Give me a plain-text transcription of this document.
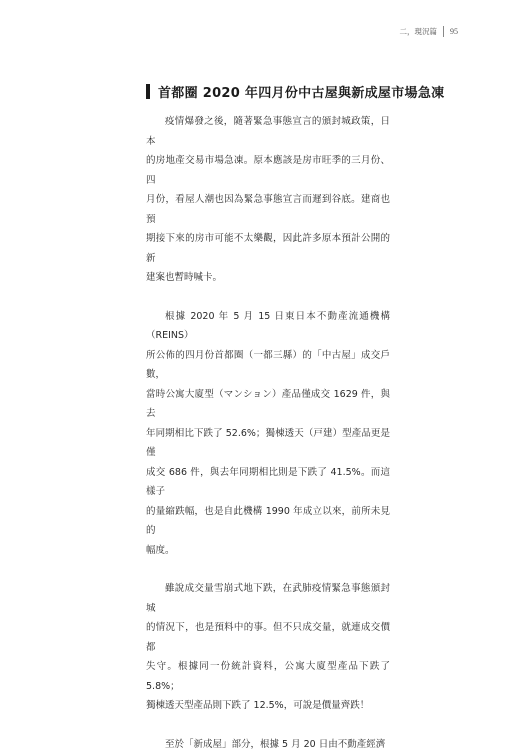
二，現況篇 95
首都圈 2020 年四月份中古屋與新成屋市場急凍
疫情爆發之後，隨著緊急事態宣言的頒封城政策，日本
的房地產交易市場急凍。原本應該是房市旺季的三月份、四
月份，看屋人潮也因為緊急事態宣言而遲到谷底。建商也預
期接下來的房市可能不太樂觀，因此許多原本預計公開的新
建案也暫時喊卡。
根據 2020 年 5 月 15 日東日本不動產流通機構（REINS）
所公佈的四月份首都圈（一都三縣）的「中古屋」成交戶數，
當時公寓大廈型（マンション）產品僅成交 1629 件，與去
年同期相比下跌了 52.6%；獨棟透天（戸建）型產品更是僅
成交 686 件，與去年同期相比則是下跌了 41.5%。而這樣子
的量縮跌幅，也是自此機構 1990 年成立以來，前所未見的
幅度。
雖說成交量雪崩式地下跌，在武肺疫情緊急事態頒封城
的情況下，也是預料中的事。但不只成交量，就連成交價都
失守。根據同一份統計資料，公寓大廈型產品下跌了 5.8%；
獨棟透天型產品則下跌了 12.5%，可說是價量齊跌！
至於「新成屋」部分，根據 5 月 20 日由不動產經濟
